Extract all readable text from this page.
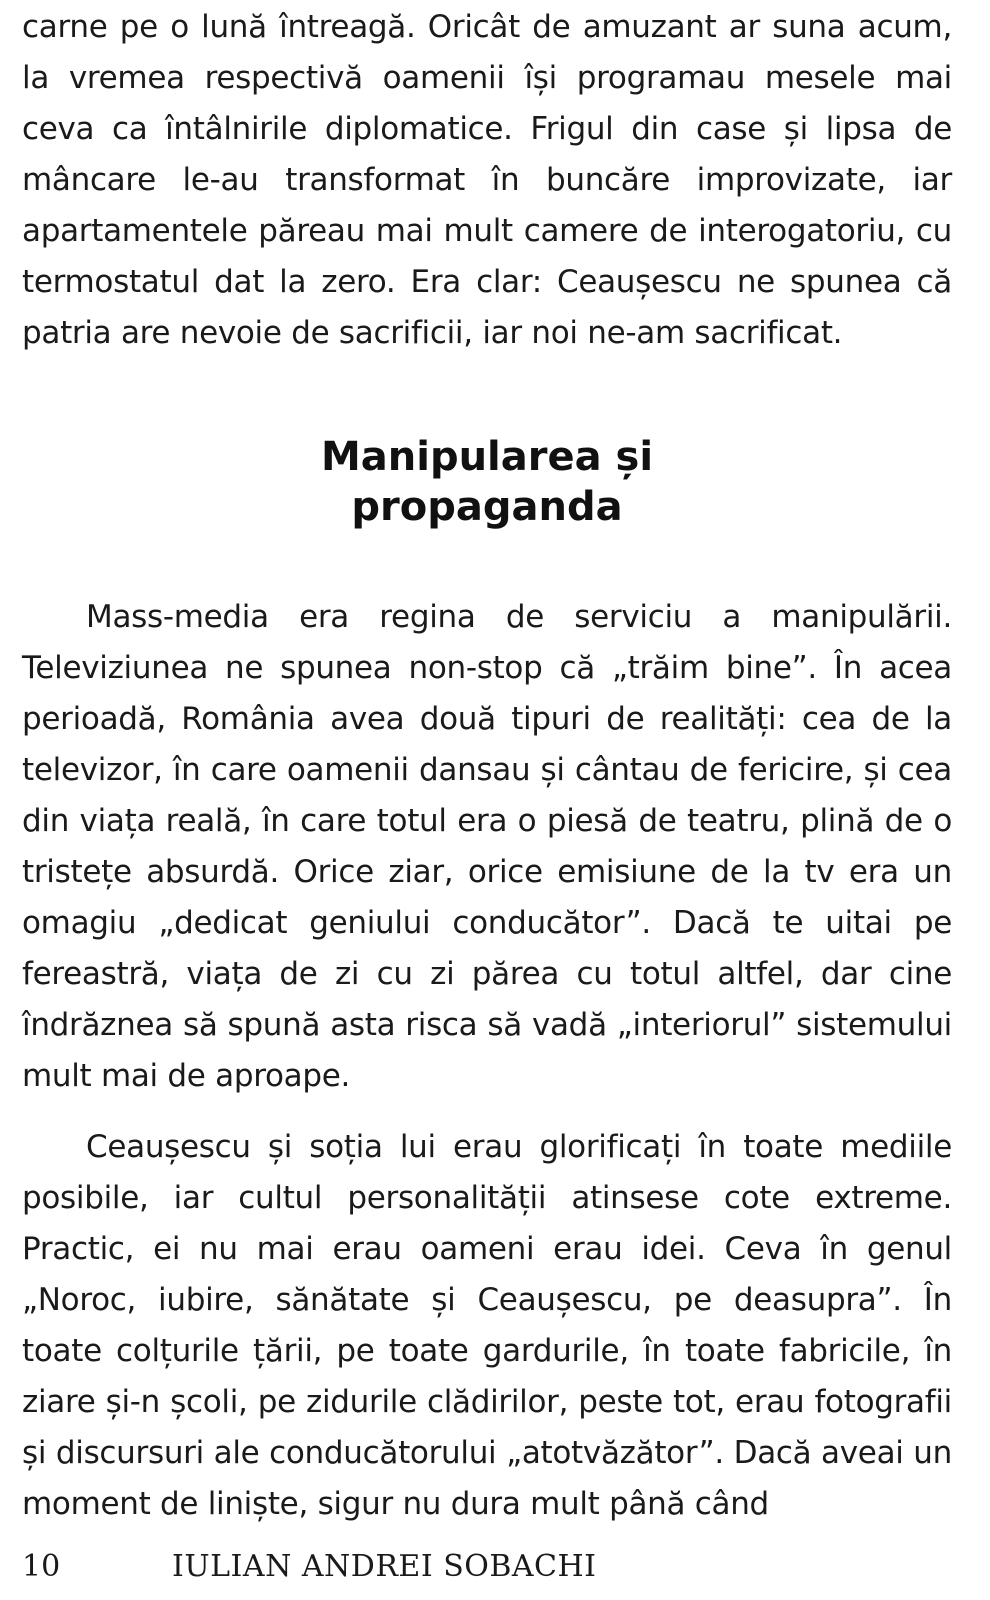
carne pe o lună întreagă. Oricât de amuzant ar suna acum, la vremea respectivă oamenii își programau mesele mai ceva ca întâlnirile diplomatice. Frigul din case și lipsa de mâncare le-au transformat în buncăre improvizate, iar apartamentele păreau mai mult camere de interogatoriu, cu termostatul dat la zero. Era clar: Ceaușescu ne spunea că patria are nevoie de sacrificii, iar noi ne-am sacrificat.

Manipularea și
propaganda

Mass-media era regina de serviciu a manipulării. Televiziunea ne spunea non-stop că „trăim bine”. În acea perioadă, România avea două tipuri de realități: cea de la televizor, în care oamenii dansau și cântau de fericire, și cea din viața reală, în care totul era o piesă de teatru, plină de o tristețe absurdă. Orice ziar, orice emisiune de la tv era un omagiu „dedicat geniului conducător”. Dacă te uitai pe fereastră, viața de zi cu zi părea cu totul altfel, dar cine îndrăznea să spună asta risca să vadă „interiorul” sistemului mult mai de aproape.

Ceaușescu și soția lui erau glorificați în toate mediile posibile, iar cultul personalității atinsese cote extreme. Practic, ei nu mai erau oameni erau idei. Ceva în genul „Noroc, iubire, sănătate și Ceaușescu, pe deasupra”. În toate colțurile țării, pe toate gardurile, în toate fabricile, în ziare și-n școli, pe zidurile clădirilor, peste tot, erau fotografii și discursuri ale conducătorului „atotvăzător”. Dacă aveai un moment de liniște, sigur nu dura mult până când

10	IULIAN ANDREI SOBACHI
